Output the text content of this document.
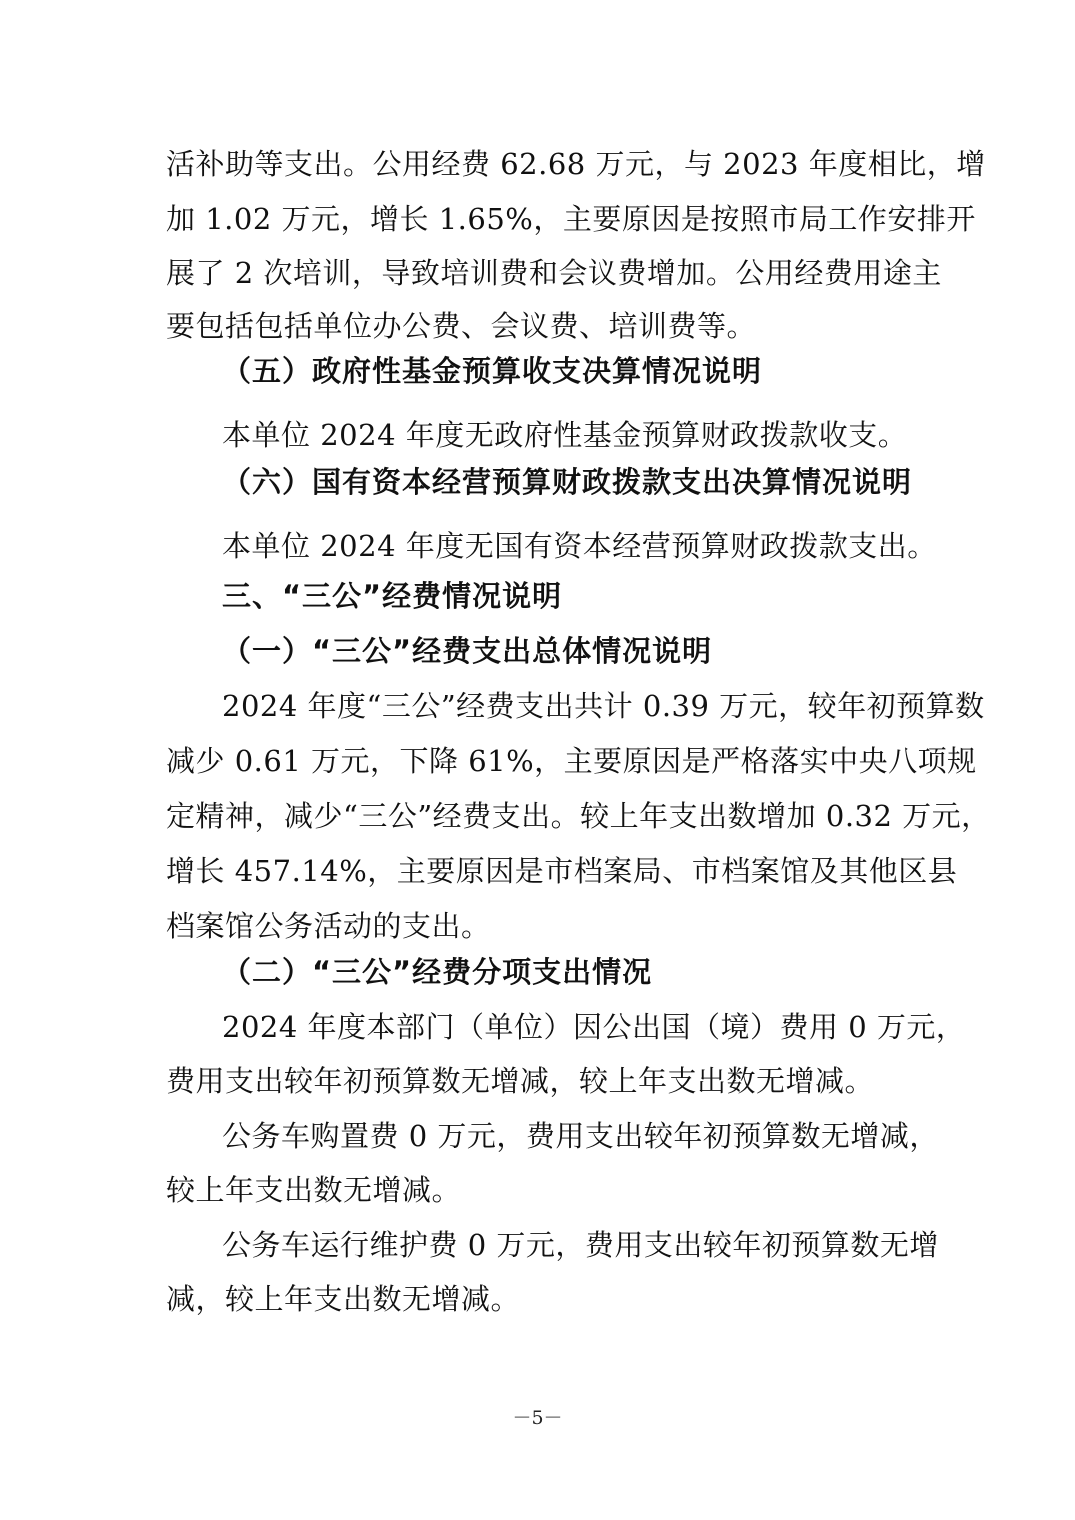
活补助等支出。公用经费 62.68 万元，与 2023 年度相比，增
加 1.02 万元，增长 1.65%，主要原因是按照市局工作安排开
展了 2 次培训，导致培训费和会议费增加。公用经费用途主
要包括包括单位办公费、会议费、培训费等。
（五）政府性基金预算收支决算情况说明
本单位 2024 年度无政府性基金预算财政拨款收支。
（六）国有资本经营预算财政拨款支出决算情况说明
本单位 2024 年度无国有资本经营预算财政拨款支出。
三、“三公”经费情况说明
（一）“三公”经费支出总体情况说明
2024 年度“三公”经费支出共计 0.39 万元，较年初预算数
减少 0.61 万元，下降 61%，主要原因是严格落实中央八项规
定精神，减少“三公”经费支出。较上年支出数增加 0.32 万元，
增长 457.14%，主要原因是市档案局、市档案馆及其他区县
档案馆公务活动的支出。
（二）“三公”经费分项支出情况
2024 年度本部门（单位）因公出国（境）费用 0 万元，
费用支出较年初预算数无增减，较上年支出数无增减。
公务车购置费 0 万元，费用支出较年初预算数无增减，
较上年支出数无增减。
公务车运行维护费 0 万元，费用支出较年初预算数无增
减，较上年支出数无增减。
－5－
